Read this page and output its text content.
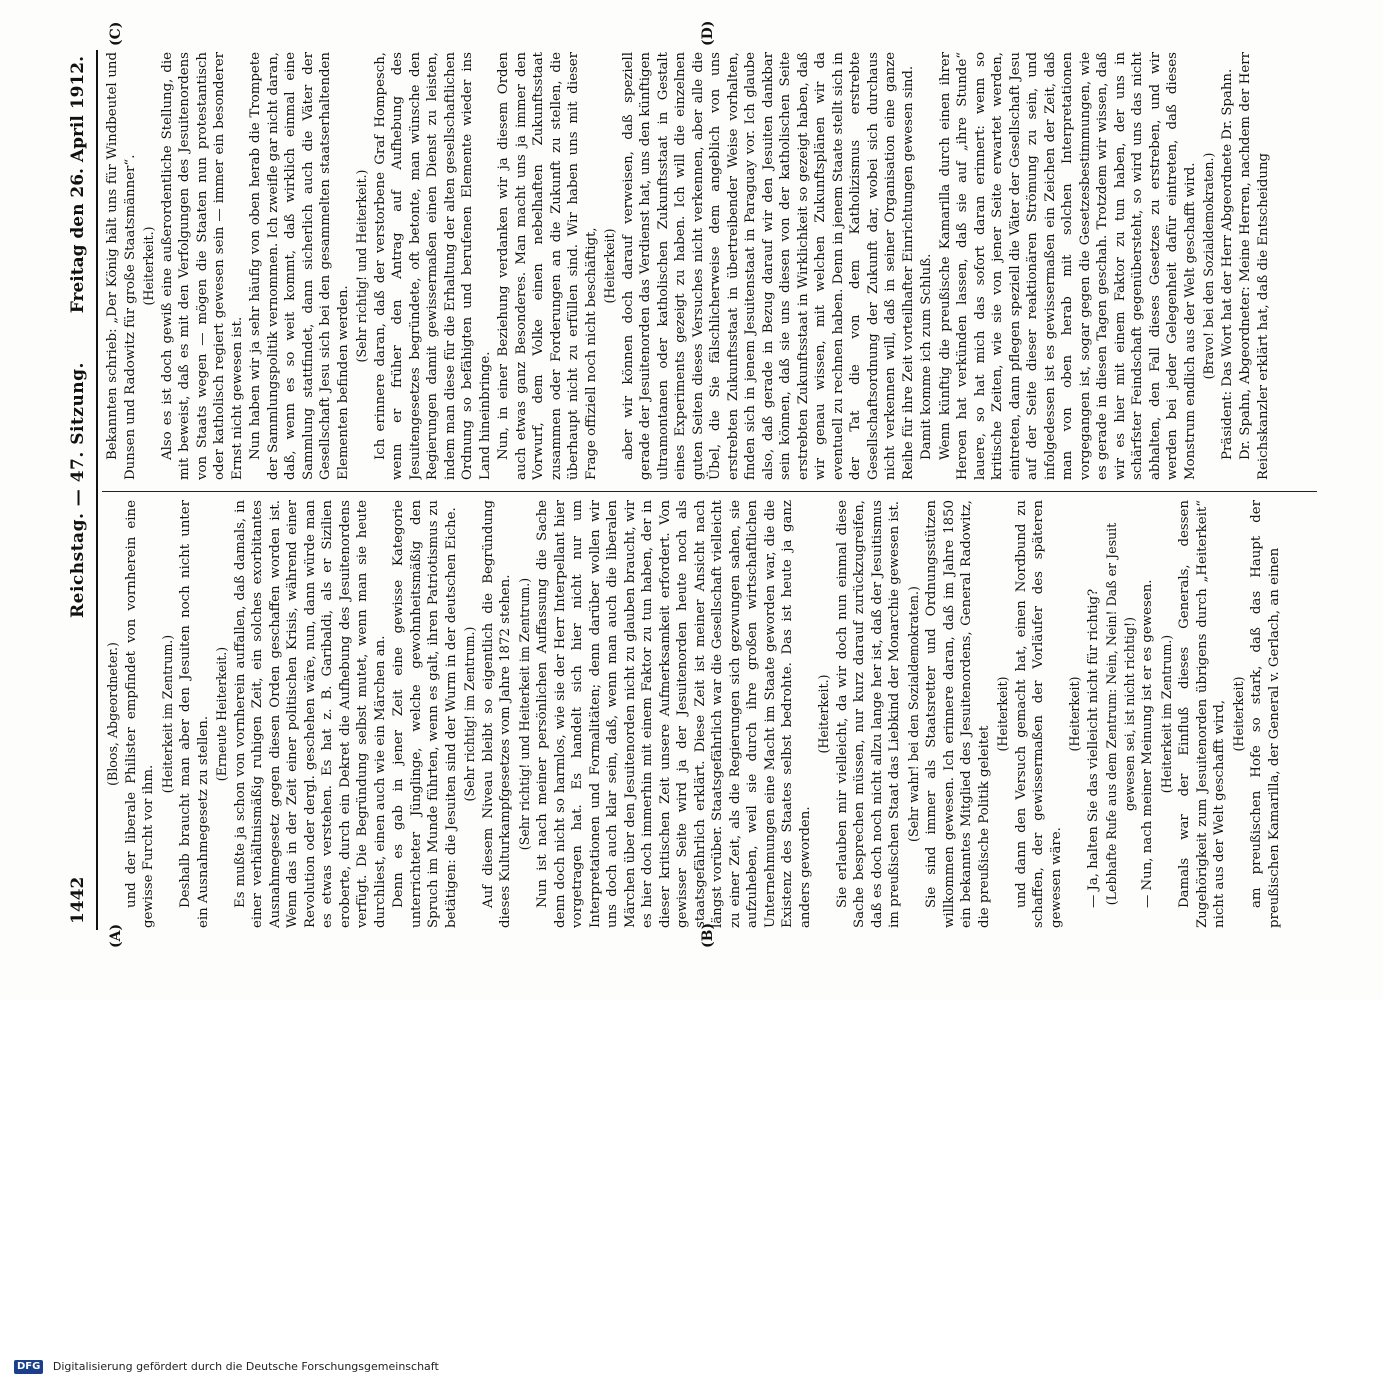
1442
Reichstag. — 47. Sitzung.
Freitag den 26. April 1912.
(A)	(B)
(C)	(D)

(Bloos, Abgeordneter.) und der liberale Philister empfindet von vornherein eine gewisse Furcht vor ihm.

(Heiterkeit im Zentrum.) Deshalb braucht man aber den Jesuiten noch nicht unter ein Ausnahmegesetz zu stellen.

(Erneute Heiterkeit.) Es mußte ja schon von vornherein auffallen, daß damals, in einer verhältnismäßig ruhigen Zeit, ein solches exorbitantes Ausnahmegesetz gegen diesen Orden geschaffen worden ist. Wenn das in der Zeit einer politischen Krisis, während einer Revolution oder dergl. geschehen wäre, nun, dann würde man es etwas verstehen. Es hat z. B. Garibaldi, als er Sizilien eroberte, durch ein Dekret die Aufhebung des Jesuitenordens verfügt. Die Begründung selbst mutet, wenn man sie heute durchliest, einen auch wie ein Märchen an. Denn es gab in jener Zeit eine gewisse Kategorie unterrichteter Jünglinge, welche gewohnheitsmäßig den Spruch im Munde führten, wenn es galt, ihren Patriotismus zu betätigen: die Jesuiten sind der Wurm in der deutschen Eiche. (Sehr richtig! im Zentrum.) Auf diesem Niveau bleibt so eigentlich die Begründung dieses Kulturkampfgesetzes vom Jahre 1872 stehen. (Sehr richtig! und Heiterkeit im Zentrum.) Nun ist nach meiner persönlichen Auffassung die Sache denn doch nicht so harmlos, wie sie der Herr Interpellant hier vorgetragen hat. Es handelt sich hier nicht nur um Interpretationen und Formalitäten; denn darüber wollen wir uns doch auch klar sein, daß, wenn man auch die liberalen Märchen über den Jesuitenorden nicht zu glauben braucht, wir es hier doch immerhin mit einem Faktor zu tun haben, der in dieser kritischen Zeit unsere Aufmerksamkeit erfordert. Von gewisser Seite wird ja der Jesuitenorden heute noch als staatsgefährlich erklärt. Diese Zeit ist meiner Ansicht nach längst vorüber. Staatsgefährlich war die Gesellschaft vielleicht zu einer Zeit, als die Regierungen sich gezwungen sahen, sie aufzuheben, weil sie durch ihre großen wirtschaftlichen Unternehmungen eine Macht im Staate geworden war, die die Existenz des Staates selbst bedrohte. Das ist heute ja ganz anders geworden.

(Heiterkeit.) Sie erlauben mir vielleicht, da wir doch nun einmal diese Sache besprechen müssen, nur kurz darauf zurückzugreifen, daß es doch noch nicht allzu lange her ist, daß der Jesuitismus im preußischen Staat das Liebkind der Monarchie gewesen ist. (Sehr wahr! bei den Sozialdemokraten.) Sie sind immer als Staatsretter und Ordnungsstützen willkommen gewesen. Ich erinnere daran, daß im Jahre 1850 ein bekanntes Mitglied des Jesuitenordens, General Radowitz, die preußische Politik geleitet

(Heiterkeit) und dann den Versuch gemacht hat, einen Nordbund zu schaffen, der gewissermaßen der Vorläufer des späteren gewesen wäre.

(Heiterkeit) — Ja, halten Sie das vielleicht nicht für richtig? (Lebhafte Rufe aus dem Zentrum: Nein, Nein! Daß er Jesuit gewesen sei, ist nicht richtig!) — Nun, nach meiner Meinung ist er es gewesen. (Heiterkeit im Zentrum.) Damals war der Einfluß dieses Generals, dessen Zugehörigkeit zum Jesuitenorden übrigens durch „Heiterkeit“ nicht aus der Welt geschafft wird, (Heiterkeit) am preußischen Hofe so stark, daß das Haupt der preußischen Kamarilla, der General v. Gerlach, an einen

Bekannten schrieb: „Der König hält uns für Windbeutel und Dunsen und Radowitz für große Staatsmänner“. (Heiterkeit.) Also es ist doch gewiß eine außerordentliche Stellung, die mit beweist, daß es mit den Verfolgungen des Jesuitenordens von Staats wegen — mögen die Staaten nun protestantisch oder katholisch regiert gewesen sein — immer ein besonderer Ernst nicht gewesen ist. Nun haben wir ja sehr häufig von oben herab die Trompete der Sammlungspolitik vernommen. Ich zweifle gar nicht daran, daß, wenn es so weit kommt, daß wirklich einmal eine Sammlung stattfindet, dann sicherlich auch die Väter der Gesellschaft Jesu sich bei den gesammelten staatserhaltenden Elementen befinden werden.

(Sehr richtig! und Heiterkeit.) Ich erinnere daran, daß der verstorbene Graf Hompesch, wenn er früher den Antrag auf Aufhebung des Jesuitengesetzes begründete, oft betonte, man wünsche den Regierungen damit gewissermaßen einen Dienst zu leisten, indem man diese für die Erhaltung der alten gesellschaftlichen Ordnung so befähigten und berufenen Elemente wieder ins Land hineinbringe. Nun, in einer Beziehung verdanken wir ja diesem Orden auch etwas ganz Besonderes. Man macht uns ja immer den Vorwurf, dem Volke einen nebelhaften Zukunftsstaat zusammen oder Forderungen an die Zukunft zu stellen, die überhaupt nicht zu erfüllen sind. Wir haben uns mit dieser Frage offiziell noch nicht beschäftigt, (Heiterkeit) aber wir können doch darauf verweisen, daß speziell gerade der Jesuitenorden das Verdienst hat, uns den künftigen ultramontanen oder katholischen Zukunftsstaat in Gestalt eines Experiments gezeigt zu haben. Ich will die einzelnen guten Seiten dieses Versuches nicht verkennen, aber alle die Übel, die Sie fälschlicherweise dem angeblich von uns erstrebten Zukunftsstaat in übertreibender Weise vorhalten, finden sich in jenem Jesuitenstaat in Paraguay vor. Ich glaube also, daß gerade in Bezug darauf wir den Jesuiten dankbar sein können, daß sie uns diesen von der katholischen Seite erstrebten Zukunftsstaat in Wirklichkeit so gezeigt haben, daß wir genau wissen, mit welchen Zukunftsplänen wir da eventuell zu rechnen haben. Denn in jenem Staate stellt sich in der Tat die von dem Katholizismus erstrebte Gesellschaftsordnung der Zukunft dar, wobei sich durchaus nicht verkennen will, daß in seiner Organisation eine ganze Reihe für ihre Zeit vorteilhafter Einrichtungen gewesen sind. Damit komme ich zum Schluß. Wenn künftig die preußische Kamarilla durch einen ihrer Heroen hat verkünden lassen, daß sie auf „ihre Stunde“ lauere, so hat mich das sofort daran erinnert: wenn so kritische Zeiten, wie sie von jener Seite erwartet werden, eintreten, dann pflegen speziell die Väter der Gesellschaft Jesu auf der Seite dieser reaktionären Strömung zu sein, und infolgedessen ist es gewissermaßen ein Zeichen der Zeit, daß man von oben herab mit solchen Interpretationen vorgegangen ist, sogar gegen die Gesetzesbestimmungen, wie es gerade in diesen Tagen geschah. Trotzdem wir wissen, daß wir es hier mit einem Faktor zu tun haben, der uns in schärfster Feindschaft gegenübersteht, so wird uns das nicht abhalten, den Fall dieses Gesetzes zu erstreben, und wir werden bei jeder Gelegenheit dafür eintreten, daß dieses Monstrum endlich aus der Welt geschafft wird. (Bravo! bei den Sozialdemokraten.) Präsident: Das Wort hat der Herr Abgeordnete Dr. Spahn. Dr. Spahn, Abgeordneter: Meine Herren, nachdem der Herr Reichskanzler erklärt hat, daß die Entscheidung

DFG Digitalisierung gefördert durch die Deutsche Forschungsgemeinschaft
